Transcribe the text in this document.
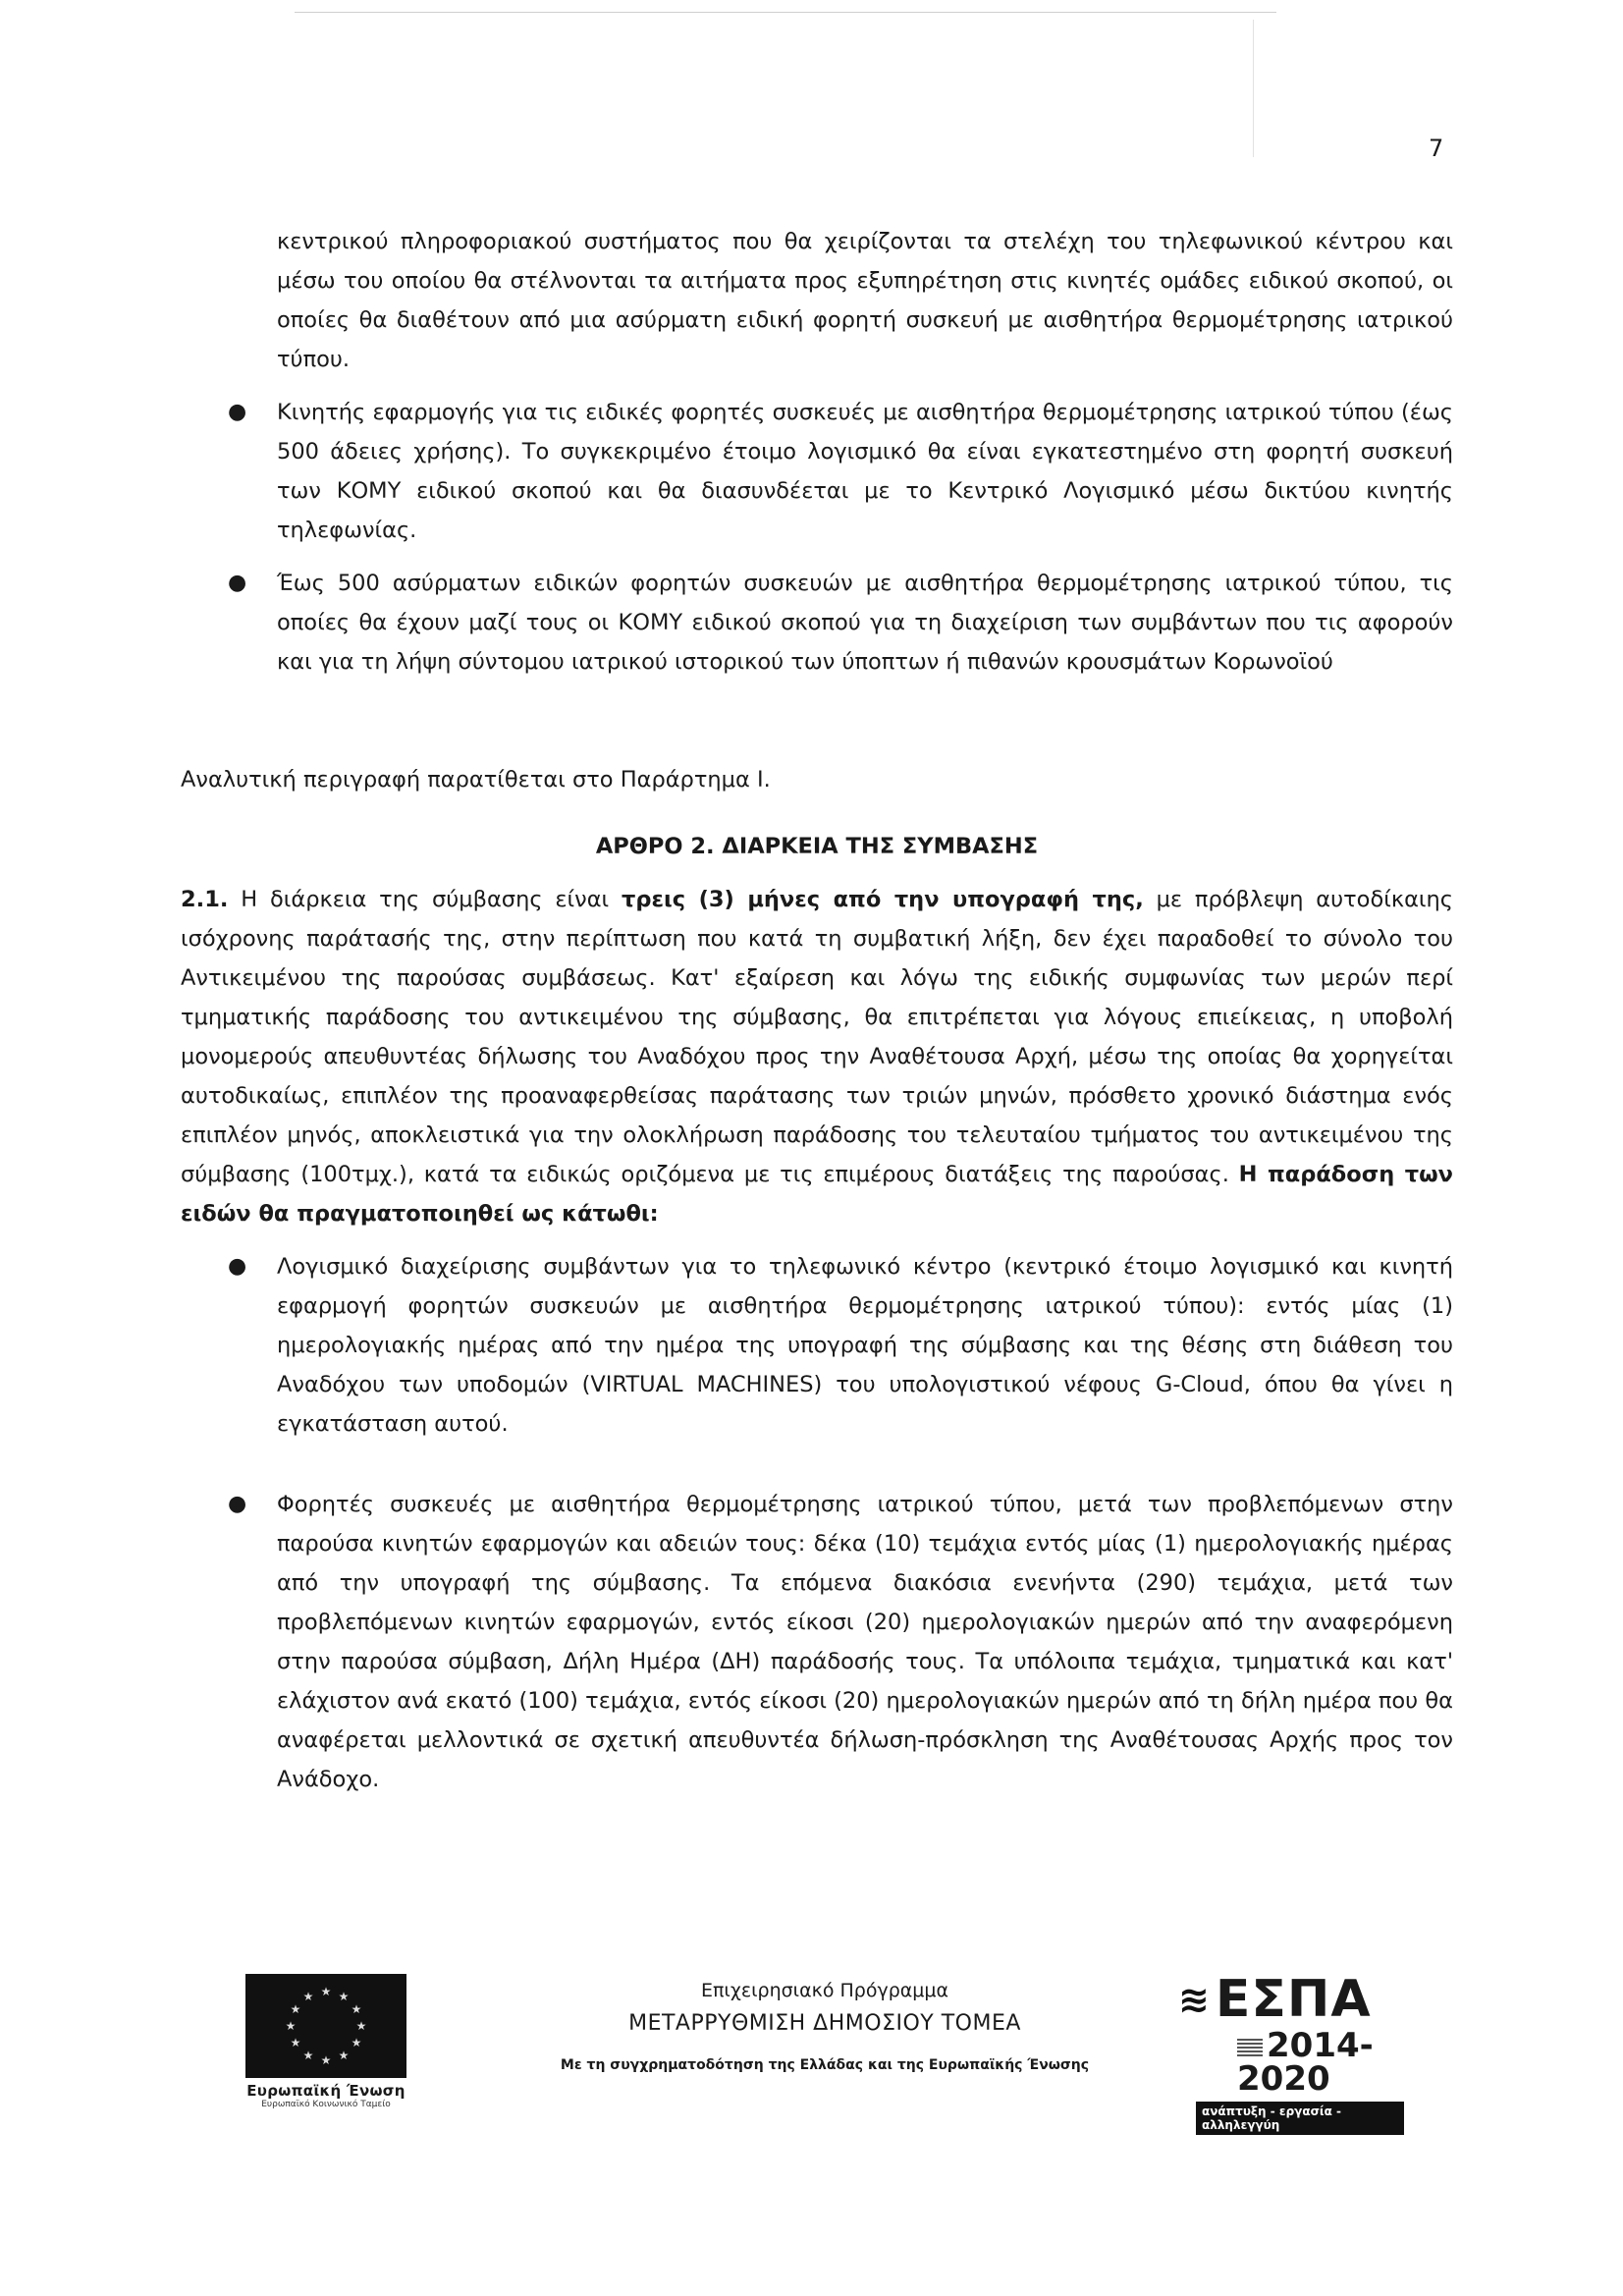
7

κεντρικού πληροφοριακού συστήματος που θα χειρίζονται τα στελέχη του τηλεφωνικού κέντρου και μέσω του οποίου θα στέλνονται τα αιτήματα προς εξυπηρέτηση στις κινητές ομάδες ειδικού σκοπού, οι οποίες θα διαθέτουν από μια ασύρματη ειδική φορητή συσκευή με αισθητήρα θερμομέτρησης ιατρικού τύπου.

● Κινητής εφαρμογής για τις ειδικές φορητές συσκευές με αισθητήρα θερμομέτρησης ιατρικού τύπου (έως 500 άδειες χρήσης). Το συγκεκριμένο έτοιμο λογισμικό θα είναι εγκατεστημένο στη φορητή συσκευή των ΚΟΜΥ ειδικού σκοπού και θα διασυνδέεται με το Κεντρικό Λογισμικό μέσω δικτύου κινητής τηλεφωνίας.
● Έως 500 ασύρματων ειδικών φορητών συσκευών με αισθητήρα θερμομέτρησης ιατρικού τύπου, τις οποίες θα έχουν μαζί τους οι ΚΟΜΥ ειδικού σκοπού για τη διαχείριση των συμβάντων που τις αφορούν και για τη λήψη σύντομου ιατρικού ιστορικού των ύποπτων ή πιθανών κρουσμάτων Κορωνοϊού

Αναλυτική περιγραφή παρατίθεται στο Παράρτημα Ι.

ΑΡΘΡΟ 2. ΔΙΑΡΚΕΙΑ ΤΗΣ ΣΥΜΒΑΣΗΣ

2.1. Η διάρκεια της σύμβασης είναι τρεις (3) μήνες από την υπογραφή της, με πρόβλεψη αυτοδίκαιης ισόχρονης παράτασής της, στην περίπτωση που κατά τη συμβατική λήξη, δεν έχει παραδοθεί το σύνολο του Αντικειμένου της παρούσας συμβάσεως. Κατ' εξαίρεση και λόγω της ειδικής συμφωνίας των μερών περί τμηματικής παράδοσης του αντικειμένου της σύμβασης, θα επιτρέπεται για λόγους επιείκειας, η υποβολή μονομερούς απευθυντέας δήλωσης του Αναδόχου προς την Αναθέτουσα Αρχή, μέσω της οποίας θα χορηγείται αυτοδικαίως, επιπλέον της προαναφερθείσας παράτασης των τριών μηνών, πρόσθετο χρονικό διάστημα ενός επιπλέον μηνός, αποκλειστικά για την ολοκλήρωση παράδοσης του τελευταίου τμήματος του αντικειμένου της σύμβασης (100τμχ.), κατά τα ειδικώς οριζόμενα με τις επιμέρους διατάξεις της παρούσας. Η παράδοση των ειδών θα πραγματοποιηθεί ως κάτωθι:

● Λογισμικό διαχείρισης συμβάντων για το τηλεφωνικό κέντρο (κεντρικό έτοιμο λογισμικό και κινητή εφαρμογή φορητών συσκευών με αισθητήρα θερμομέτρησης ιατρικού τύπου): εντός μίας (1) ημερολογιακής ημέρας από την ημέρα της υπογραφή της σύμβασης και της θέσης στη διάθεση του Αναδόχου των υποδομών (VIRTUAL MACHINES) του υπολογιστικού νέφους G-Cloud, όπου θα γίνει η εγκατάσταση αυτού.
● Φορητές συσκευές με αισθητήρα θερμομέτρησης ιατρικού τύπου, μετά των προβλεπόμενων στην παρούσα κινητών εφαρμογών και αδειών τους: δέκα (10) τεμάχια εντός μίας (1) ημερολογιακής ημέρας από την υπογραφή της σύμβασης. Τα επόμενα διακόσια ενενήντα (290) τεμάχια, μετά των προβλεπόμενων κινητών εφαρμογών, εντός είκοσι (20) ημερολογιακών ημερών από την αναφερόμενη στην παρούσα σύμβαση, Δήλη Ημέρα (ΔΗ) παράδοσής τους. Τα υπόλοιπα τεμάχια, τμηματικά και κατ' ελάχιστον ανά εκατό (100) τεμάχια, εντός είκοσι (20) ημερολογιακών ημερών από τη δήλη ημέρα που θα αναφέρεται μελλοντικά σε σχετική απευθυντέα δήλωση-πρόσκληση της Αναθέτουσας Αρχής προς τον Ανάδοχο.
★ ★
★
★
★
★
★
★
★
★
★
★
Ευρωπαϊκή Ένωση
Ευρωπαϊκό Κοινωνικό Ταμείο
Επιχειρησιακό Πρόγραμμα
ΜΕΤΑΡΡΥΘΜΙΣΗ ΔΗΜΟΣΙΟΥ ΤΟΜΕΑ
Με τη συγχρηματοδότηση της Ελλάδας και της Ευρωπαϊκής Ένωσης
≋ ΕΣΠΑ
2014-2020
ανάπτυξη - εργασία - αλληλεγγύη
